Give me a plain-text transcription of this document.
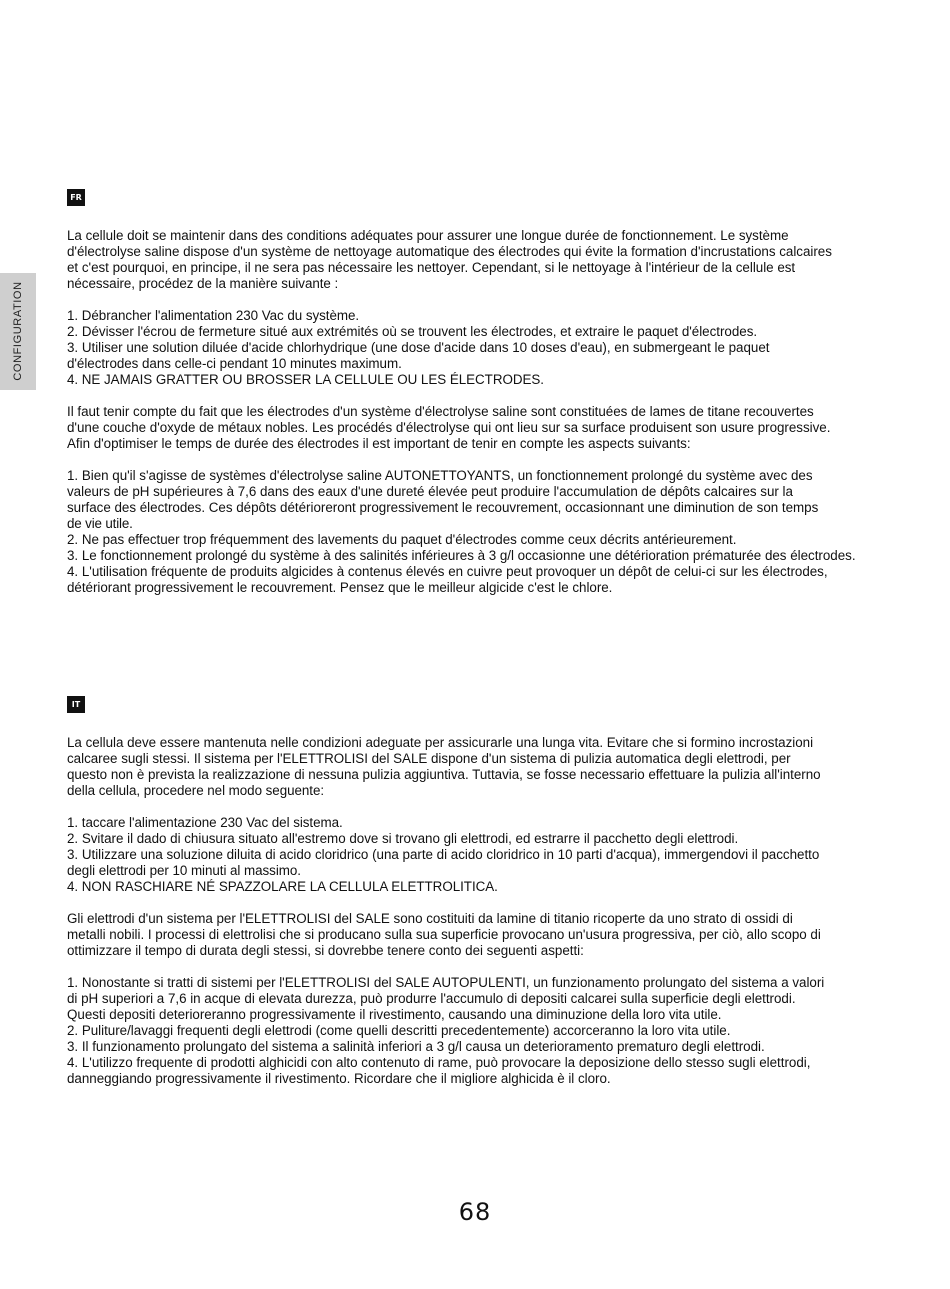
CONFIGURATION
FR
La cellule doit se maintenir dans des conditions adéquates pour assurer une longue durée de fonctionnement. Le système
d'électrolyse saline dispose d'un système de nettoyage automatique des électrodes qui évite la formation d'incrustations calcaires
et c'est pourquoi, en principe, il ne sera pas nécessaire les nettoyer. Cependant, si le nettoyage à l'intérieur de la cellule est
nécessaire, procédez de la manière suivante :
1. Débrancher l'alimentation 230 Vac du système.
2. Dévisser l'écrou de fermeture situé aux extrémités où se trouvent les électrodes, et extraire le paquet d'électrodes.
3. Utiliser une solution diluée d'acide chlorhydrique (une dose d'acide dans 10 doses d'eau), en submergeant le paquet
d'électrodes dans celle-ci pendant 10 minutes maximum.
4. NE JAMAIS GRATTER OU BROSSER LA CELLULE OU LES ÉLECTRODES.
Il faut tenir compte du fait que les électrodes d'un système d'électrolyse saline sont constituées de lames de titane recouvertes
d'une couche d'oxyde de métaux nobles. Les procédés d'électrolyse qui ont lieu sur sa surface produisent son usure progressive.
Afin d'optimiser le temps de durée des électrodes il est important de tenir en compte les aspects suivants:
1. Bien qu'il s'agisse de systèmes d'électrolyse saline AUTONETTOYANTS, un fonctionnement prolongé du système avec des
valeurs de pH supérieures à 7,6 dans des eaux d'une dureté élevée peut produire l'accumulation de dépôts calcaires sur la
surface des électrodes. Ces dépôts détérioreront progressivement le recouvrement, occasionnant une diminution de son temps
de vie utile.
2. Ne pas effectuer trop fréquemment des lavements du paquet d'électrodes comme ceux décrits antérieurement.
3. Le fonctionnement prolongé du système à des salinités inférieures à 3 g/l occasionne une détérioration prématurée des électrodes.
4. L'utilisation fréquente de produits algicides à contenus élevés en cuivre peut provoquer un dépôt de celui-ci sur les électrodes,
détériorant progressivement le recouvrement. Pensez que le meilleur algicide c'est le chlore.
IT
La cellula deve essere mantenuta nelle condizioni adeguate per assicurarle una lunga vita. Evitare che si formino incrostazioni
calcaree sugli stessi. Il sistema per l'ELETTROLISI del SALE dispone d'un sistema di pulizia automatica degli elettrodi, per
questo non è prevista la realizzazione di nessuna pulizia aggiuntiva. Tuttavia, se fosse necessario effettuare la pulizia all'interno
della cellula, procedere nel modo seguente:
1. taccare l'alimentazione 230 Vac del sistema.
2. Svitare il dado di chiusura situato all'estremo dove si trovano gli elettrodi, ed estrarre il pacchetto degli elettrodi.
3. Utilizzare una soluzione diluita di acido cloridrico (una parte di acido cloridrico in 10 parti d'acqua), immergendovi il pacchetto
degli elettrodi per 10 minuti al massimo.
4. NON RASCHIARE NÉ SPAZZOLARE LA CELLULA ELETTROLITICA.
Gli elettrodi d'un sistema per l'ELETTROLISI del SALE sono costituiti da lamine di titanio ricoperte da uno strato di ossidi di
metalli nobili. I processi di elettrolisi che si producano sulla sua superficie provocano un'usura progressiva, per ciò, allo scopo di
ottimizzare il tempo di durata degli stessi, si dovrebbe tenere conto dei seguenti aspetti:
1. Nonostante si tratti di sistemi per l'ELETTROLISI del SALE AUTOPULENTI, un funzionamento prolungato del sistema a valori
di pH superiori a 7,6 in acque di elevata durezza, può produrre l'accumulo di depositi calcarei sulla superficie degli elettrodi.
Questi depositi deterioreranno progressivamente il rivestimento, causando una diminuzione della loro vita utile.
2. Puliture/lavaggi frequenti degli elettrodi (come quelli descritti precedentemente) accorceranno la loro vita utile.
3. Il funzionamento prolungato del sistema a salinità inferiori a 3 g/l causa un deterioramento prematuro degli elettrodi.
4. L'utilizzo frequente di prodotti alghicidi con alto contenuto di rame, può provocare la deposizione dello stesso sugli elettrodi,
danneggiando progressivamente il rivestimento. Ricordare che il migliore alghicida è il cloro.
68
